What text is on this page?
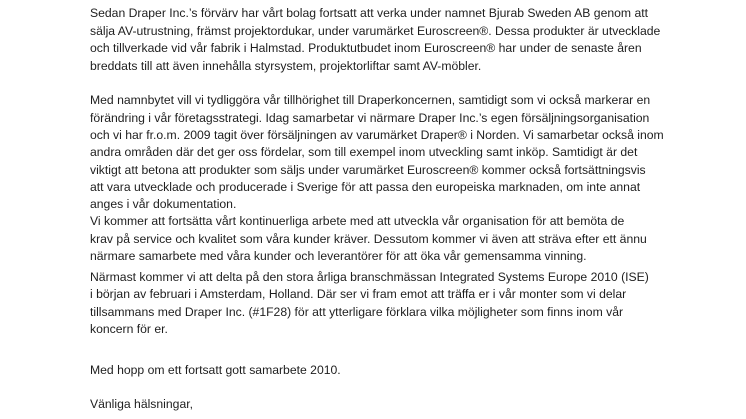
Sedan Draper Inc.’s förvärv har vårt bolag fortsatt att verka under namnet Bjurab Sweden AB genom att

sälja AV-utrustning, främst projektordukar, under varumärket Euroscreen®. Dessa produkter är utvecklade

och tillverkade vid vår fabrik i Halmstad. Produktutbudet inom Euroscreen® har under de senaste åren

breddats till att även innehålla styrsystem, projektorliftar samt AV-möbler.

Med namnbytet vill vi tydliggöra vår tillhörighet till Draperkoncernen, samtidigt som vi också markerar en

förändring i vår företagsstrategi. Idag samarbetar vi närmare Draper Inc.’s egen försäljningsorganisation

och vi har fr.o.m. 2009 tagit över försäljningen av varumärket Draper® i Norden. Vi samarbetar också inom

andra områden där det ger oss fördelar, som till exempel inom utveckling samt inköp. Samtidigt är det

viktigt att betona att produkter som säljs under varumärket Euroscreen® kommer också fortsättningsvis

att vara utvecklade och producerade i Sverige för att passa den europeiska marknaden, om inte annat

anges i vår dokumentation.

Vi kommer att fortsätta vårt kontinuerliga arbete med att utveckla vår organisation för att bemöta de

krav på service och kvalitet som våra kunder kräver. Dessutom kommer vi även att sträva efter ett ännu

närmare samarbete med våra kunder och leverantörer för att öka vår gemensamma vinning.

Närmast kommer vi att delta på den stora årliga branschmässan Integrated Systems Europe 2010 (ISE)

i början av februari i Amsterdam, Holland. Där ser vi fram emot att träffa er i vår monter som vi delar

tillsammans med Draper Inc. (#1F28) för att ytterligare förklara vilka möjligheter som finns inom vår

koncern för er.

Med hopp om ett fortsatt gott samarbete 2010.

Vänliga hälsningar,
